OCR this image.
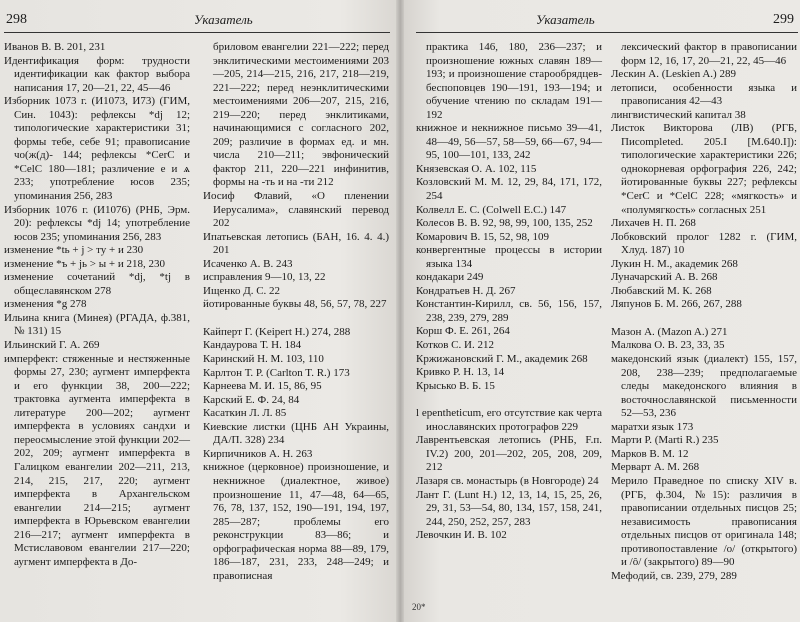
298	Указатель
Иванов В. В. 201, 231
Идентификация форм: трудности идентификации как фактор выбора написания 17, 20—21, 22, 45—46
Изборник 1073 г. (И1073, И73) (ГИМ, Син. 1043): рефлексы *dj 12; типологические характеристики 31; формы тебе, себе 91; правописание чо(ж(д)- 144; рефлексы *CerC и *CelC 180—181; различение е и ѧ 233; употребление юсов 235; упоминания 256, 283
Изборник 1076 г. (И1076) (РНБ, Эрм. 20): рефлексы *dj 14; употребление юсов 235; упоминания 256, 283
изменение *tь + j > ту + и 230
изменение *ъ + jь > ы + и 218, 230
изменение сочетаний *dj, *tj в общеславянском 278
изменения *g 278
Ильина книга (Минея) (РГАДА, ф.381, № 131) 15
Ильинский Г. А. 269
имперфект: стяженные и нестяженные формы 27, 230; аугмент имперфекта и его функции 38, 200—222; трактовка аугмента имперфекта в литературе 200—202; аугмент имперфекта в условиях сандхи и переосмысление этой функции 202—202, 209; аугмент имперфекта в Галицком евангелии 202—211, 213, 214, 215, 217, 220; аугмент имперфекта в Архангельском евангелии 214—215; аугмент имперфекта в Юрьевском евангелии 216—217; аугмент имперфекта в Мстиславовом евангелии 217—220; аугмент имперфекта в До-
бриловом евангелии 221—222; перед энклитическими местоимениями 203—205, 214—215, 216, 217, 218—219, 221—222; перед неэнклитическими местоимениями 206—207, 215, 216, 219—220; перед энклитиками, начинающимися с согласного 202, 209; различие в формах ед. и мн. числа 210—211; эвфонический фактор 211, 220—221 инфинитив, формы на -ть и на -ти 212
Иосиф Флавий, «О пленении Иерусалима», славянский перевод 202
Ипатьевская летопись (БАН, 16. 4. 4.) 201
Исаченко А. В. 243
исправления 9—10, 13, 22
Ищенко Д. С. 22
йотированные буквы 48, 56, 57, 78, 227
Кайперт Г. (Keipert H.) 274, 288
Кандаурова Т. Н. 184
Каринский Н. М. 103, 110
Карлтон Т. Р. (Carlton T. R.) 173
Карнеева М. И. 15, 86, 95
Карский Е. Ф. 24, 84
Касаткин Л. Л. 85
Киевские листки (ЦНБ АН Украины, ДА/П. 328) 234
Кирпичников А. Н. 263
книжное (церковное) произношение, и некнижное (диалектное, живое) произношение 11, 47—48, 64—65, 76, 78, 137, 152, 190—191, 194, 197, 285—287; проблемы его реконструкции 83—86; и орфографическая норма 88—89, 179, 186—187, 231, 233, 248—249; и правописная
Указатель	299
практика 146, 180, 236—237; и произношение южных славян 189—193; и произношение старообрядцев-беспоповцев 190—191, 193—194; и обучение чтению по складам 191—192
книжное и некнижное письмо 39—41, 48—49, 56—57, 58—59, 66—67, 94—95, 100—101, 133, 242
Князевская О. А. 102, 115
Козловский М. М. 12, 29, 84, 171, 172, 254
Колвелл Е. С. (Colwell E.C.) 147
Колесов В. В. 92, 98, 99, 100, 135, 252
Комарович В. 15, 52, 98, 109
конвергентные процессы в истории языка 134
кондакари 249
Кондратьев Н. Д. 267
Константин-Кирилл, св. 56, 156, 157, 238, 239, 279, 289
Корш Ф. Е. 261, 264
Котков С. И. 212
Кржижановский Г. М., академик 268
Кривко Р. Н. 13, 14
Крысько В. Б. 15
l epentheticum, его отсутствие как черта инославянских протографов 229
Лаврентьевская летопись (РНБ, F.п. IV.2) 200, 201—202, 205, 208, 209, 212
Лазаря св. монастырь (в Новгороде) 24
Лант Г. (Lunt H.) 12, 13, 14, 15, 25, 26, 29, 31, 53—54, 80, 134, 157, 158, 241, 244, 250, 252, 257, 283
Левочкин И. В. 102
лексический фактор в правописании форм 12, 16, 17, 20—21, 22, 45—46
Лескин А. (Leskien A.) 289
летописи, особенности языка и правописания 42—43
лингвистический капитал 38
Листок Викторова (ЛВ) (РГБ, Пиcompleted. 205.I [М.640.I]): типологические характеристики 226; однокорневая орфография 226, 242; йотированные буквы 227; рефлексы *CerC и *CelC 228; «мягкость» и «полумягкость» согласных 251
Лихачев Н. П. 268
Лобковский пролог 1282 г. (ГИМ, Хлуд. 187) 10
Лукин Н. М., академик 268
Луначарский А. В. 268
Любавский М. К. 268
Ляпунов Б. М. 266, 267, 288
Мазон А. (Mazon A.) 271
Малкова О. В. 23, 33, 35
македонский язык (диалект) 155, 157, 208, 238—239; предполагаемые следы македонского влияния в восточнославянской письменности 52—53, 236
маратхи язык 173
Марти Р. (Marti R.) 235
Марков В. М. 12
Мерварт А. М. 268
Мерило Праведное по списку XIV в. (РГБ, ф.304, №15): различия в правописании отдельных писцов 25; независимость правописания отдельных писцов от оригинала 148; противопоставление /о/ (открытого) и /ô/ (закрытого) 89—90
Мефодий, св. 239, 279, 289
20*
